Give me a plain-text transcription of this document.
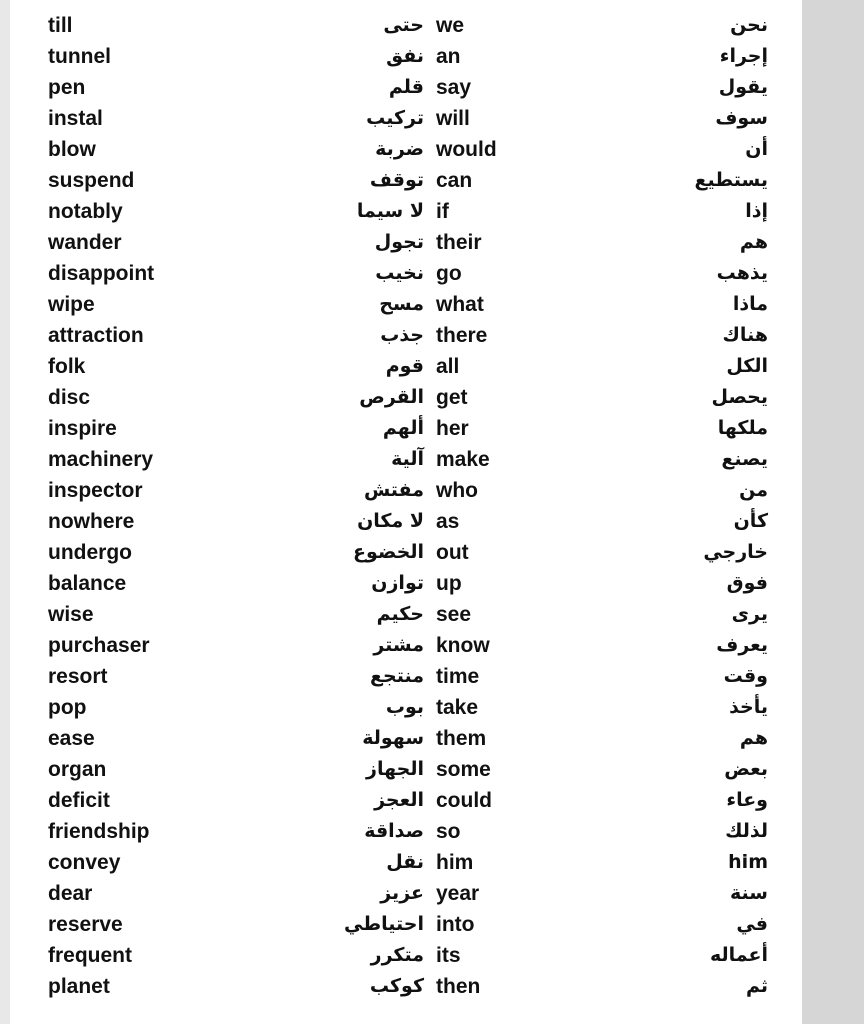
till	حتى we	نحن
tunnel	نفق an	إجراء
pen	قلم say	يقول
instal	تركيب will	سوف
blow	ضربة would	أن
suspend	توقف can	يستطيع
notably	لا سيما if	إذا
wander	تجول their	هم
disappoint	نخيب go	يذهب
wipe	مسح what	ماذا
attraction	جذب there	هناك
folk	قوم all	الكل
disc	القرص get	يحصل
inspire	ألهم her	ملكها
machinery	آلية make	يصنع
inspector	مفتش who	من
nowhere	لا مكان as	كأن
undergo	الخضوع out	خارجي
balance	توازن up	فوق
wise	حكيم see	يرى
purchaser	مشتر know	يعرف
resort	منتجع time	وقت
pop	بوب take	يأخذ
ease	سهولة them	هم
organ	الجهاز some	بعض
deficit	العجز could	وعاء
friendship	صداقة so	لذلك
convey	نقل him	him
dear	عزيز year	سنة
reserve	احتياطي into	في
frequent	متكرر its	أعماله
planet	كوكب then	ثم
